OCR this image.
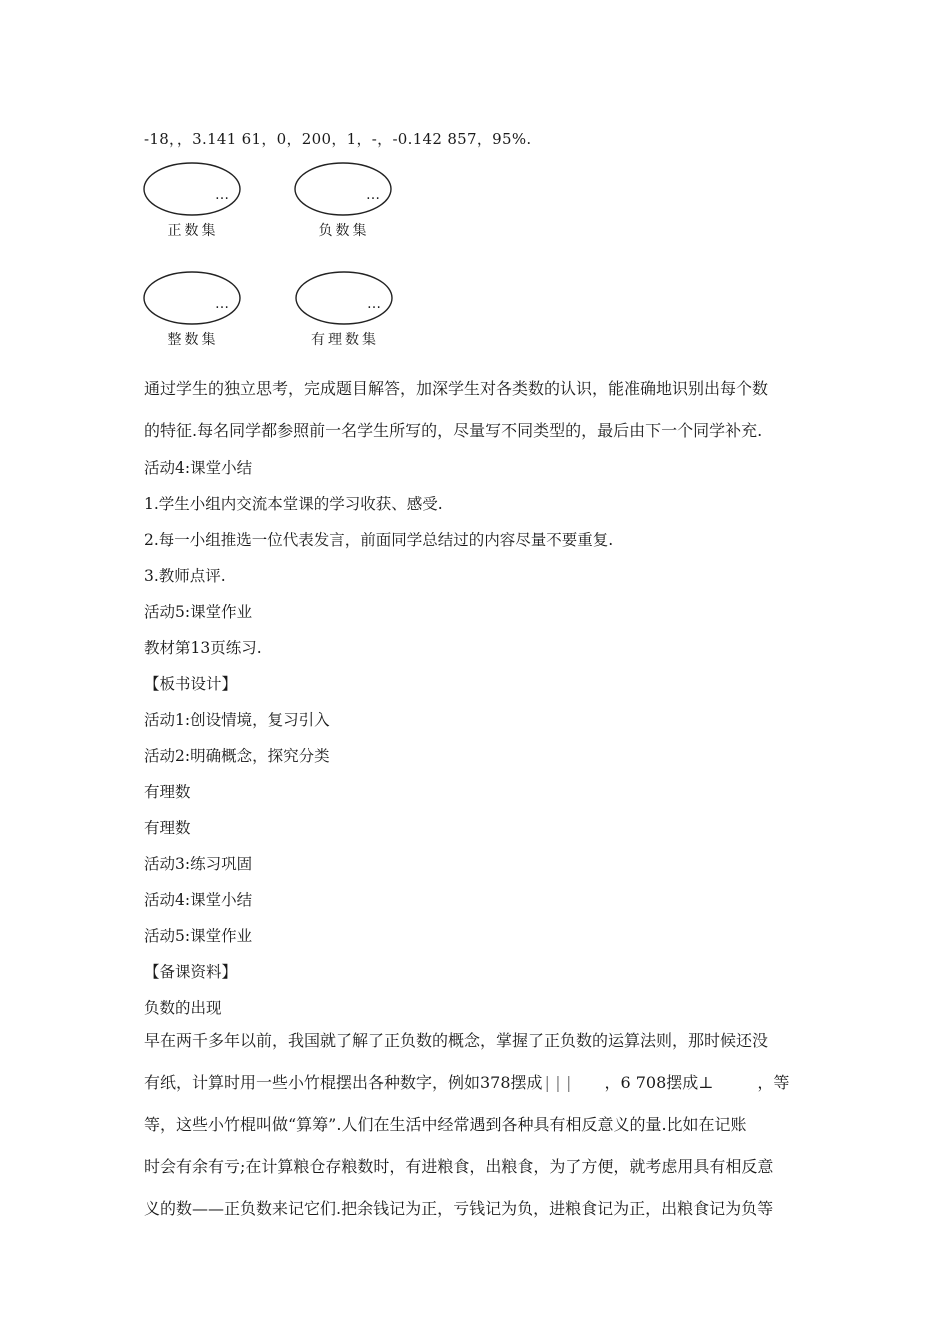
-18，，3.141 61，0，200，1，-，-0.142 857，95%.
…
正数集
…
负数集
…
整数集
…
有理数集
通过学生的独立思考，完成题目解答，加深学生对各类数的认识，能准确地识别出每个数
的特征.每名同学都参照前一名学生所写的，尽量写不同类型的，最后由下一个同学补充.
活动4:课堂小结
1.学生小组内交流本堂课的学习收获、感受.
2.每一小组推选一位代表发言，前面同学总结过的内容尽量不要重复.
3.教师点评.
活动5:课堂作业
教材第13页练习.
【板书设计】
活动1:创设情境，复习引入
活动2:明确概念，探究分类
有理数
有理数
活动3:练习巩固
活动4:课堂小结
活动5:课堂作业
【备课资料】
负数的出现
早在两千多年以前，我国就了解了正负数的概念，掌握了正负数的运算法则，那时候还没
有纸，计算时用一些小竹棍摆出各种数字，例如378摆成||| ，6 708摆成⊥	，等
等，这些小竹棍叫做“算筹”.人们在生活中经常遇到各种具有相反意义的量.比如在记账
时会有余有亏;在计算粮仓存粮数时，有进粮食，出粮食，为了方便，就考虑用具有相反意
义的数——正负数来记它们.把余钱记为正，亏钱记为负，进粮食记为正，出粮食记为负等
